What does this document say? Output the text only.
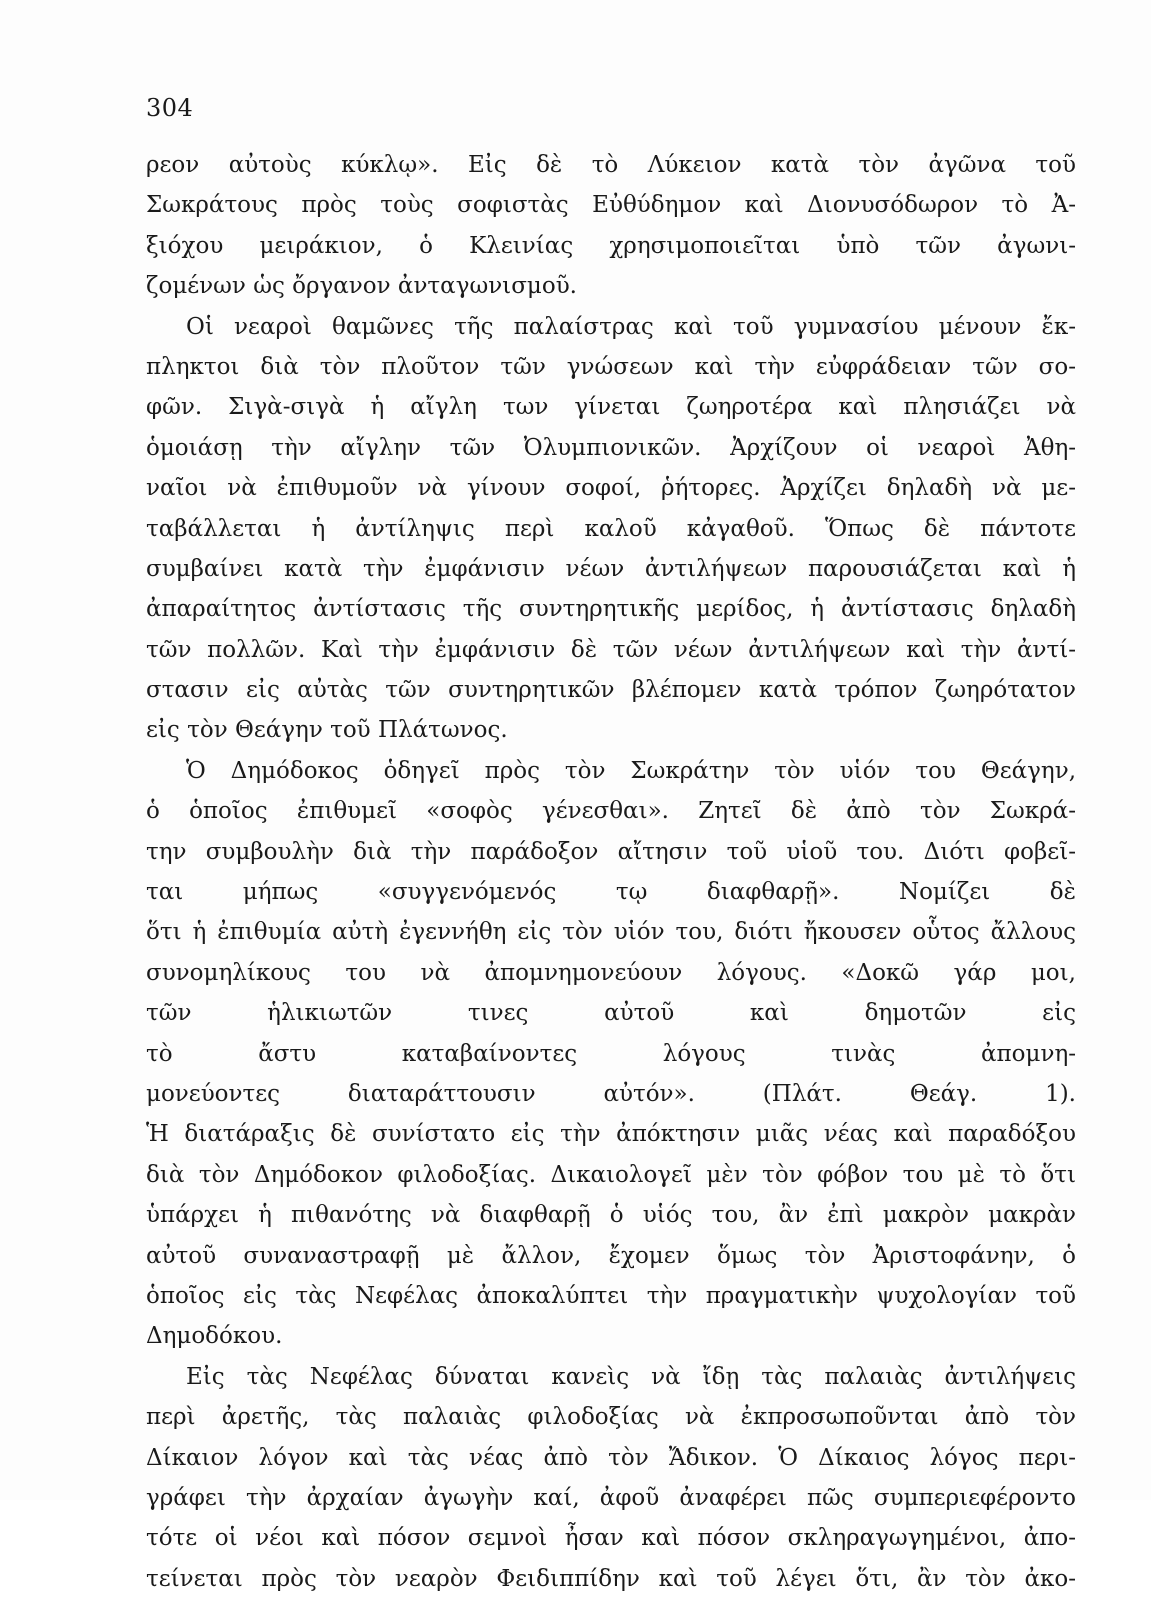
304
ρεον αὐτοὺς κύκλῳ». Εἰς δὲ τὸ Λύκειον κατὰ τὸν ἀγῶνα τοῦ
Σωκράτους πρὸς τοὺς σοφιστὰς Εὐθύδημον καὶ Διονυσόδωρον τὸ Ἀ-
ξιόχου μειράκιον, ὁ Κλεινίας χρησιμοποιεῖται ὑπὸ τῶν ἀγωνι-
ζομένων ὡς ὄργανον ἀνταγωνισμοῦ.
Οἱ νεαροὶ θαμῶνες τῆς παλαίστρας καὶ τοῦ γυμνασίου μένουν ἔκ-
πληκτοι διὰ τὸν πλοῦτον τῶν γνώσεων καὶ τὴν εὐφράδειαν τῶν σο-
φῶν. Σιγὰ-σιγὰ ἡ αἴγλη των γίνεται ζωηροτέρα καὶ πλησιάζει νὰ
ὁμοιάσῃ τὴν αἴγλην τῶν Ὀλυμπιονικῶν. Ἀρχίζουν οἱ νεαροὶ Ἀθη-
ναῖοι νὰ ἐπιθυμοῦν νὰ γίνουν σοφοί, ῥήτορες. Ἀρχίζει δηλαδὴ νὰ με-
ταβάλλεται ἡ ἀντίληψις περὶ καλοῦ κἀγαθοῦ. Ὅπως δὲ πάντοτε
συμβαίνει κατὰ τὴν ἐμφάνισιν νέων ἀντιλήψεων παρουσιάζεται καὶ ἡ
ἀπαραίτητος ἀντίστασις τῆς συντηρητικῆς μερίδος, ἡ ἀντίστασις δηλαδὴ
τῶν πολλῶν. Καὶ τὴν ἐμφάνισιν δὲ τῶν νέων ἀντιλήψεων καὶ τὴν ἀντί-
στασιν εἰς αὐτὰς τῶν συντηρητικῶν βλέπομεν κατὰ τρόπον ζωηρότατον
εἰς τὸν Θεάγην τοῦ Πλάτωνος.
Ὁ Δημόδοκος ὁδηγεῖ πρὸς τὸν Σωκράτην τὸν υἱόν του Θεάγην,
ὁ ὁποῖος ἐπιθυμεῖ «σοφὸς γένεσθαι». Ζητεῖ δὲ ἀπὸ τὸν Σωκρά-
την συμβουλὴν διὰ τὴν παράδοξον αἴτησιν τοῦ υἱοῦ του. Διότι φοβεῖ-
ται μήπως «συγγενόμενός τῳ διαφθαρῇ». Νομίζει δὲ
ὅτι ἡ ἐπιθυμία αὐτὴ ἐγεννήθη εἰς τὸν υἱόν του, διότι ἤκουσεν οὗτος ἄλλους
συνομηλίκους του νὰ ἀπομνημονεύουν λόγους. «Δοκῶ γάρ μοι,
τῶν ἡλικιωτῶν τινες αὐτοῦ καὶ δημοτῶν εἰς
τὸ ἄστυ καταβαίνοντες λόγους τινὰς ἀπομνη-
μονεύοντες διαταράττουσιν αὐτόν». (Πλάτ. Θεάγ. 1).
Ἡ διατάραξις δὲ συνίστατο εἰς τὴν ἀπόκτησιν μιᾶς νέας καὶ παραδόξου
διὰ τὸν Δημόδοκον φιλοδοξίας. Δικαιολογεῖ μὲν τὸν φόβον του μὲ τὸ ὅτι
ὑπάρχει ἡ πιθανότης νὰ διαφθαρῇ ὁ υἱός του, ἂν ἐπὶ μακρὸν μακρὰν
αὐτοῦ συναναστραφῇ μὲ ἄλλον, ἔχομεν ὅμως τὸν Ἀριστοφάνην, ὁ
ὁποῖος εἰς τὰς Νεφέλας ἀποκαλύπτει τὴν πραγματικὴν ψυχολογίαν τοῦ
Δημοδόκου.
Εἰς τὰς Νεφέλας δύναται κανεὶς νὰ ἴδῃ τὰς παλαιὰς ἀντιλήψεις
περὶ ἀρετῆς, τὰς παλαιὰς φιλοδοξίας νὰ ἐκπροσωποῦνται ἀπὸ τὸν
Δίκαιον λόγον καὶ τὰς νέας ἀπὸ τὸν Ἄδικον. Ὁ Δίκαιος λόγος περι-
γράφει τὴν ἀρχαίαν ἀγωγὴν καί, ἀφοῦ ἀναφέρει πῶς συμπεριεφέροντο
τότε οἱ νέοι καὶ πόσον σεμνοὶ ἦσαν καὶ πόσον σκληραγωγημένοι, ἀπο-
τείνεται πρὸς τὸν νεαρὸν Φειδιππίδην καὶ τοῦ λέγει ὅτι, ἂν τὸν ἀκο-
